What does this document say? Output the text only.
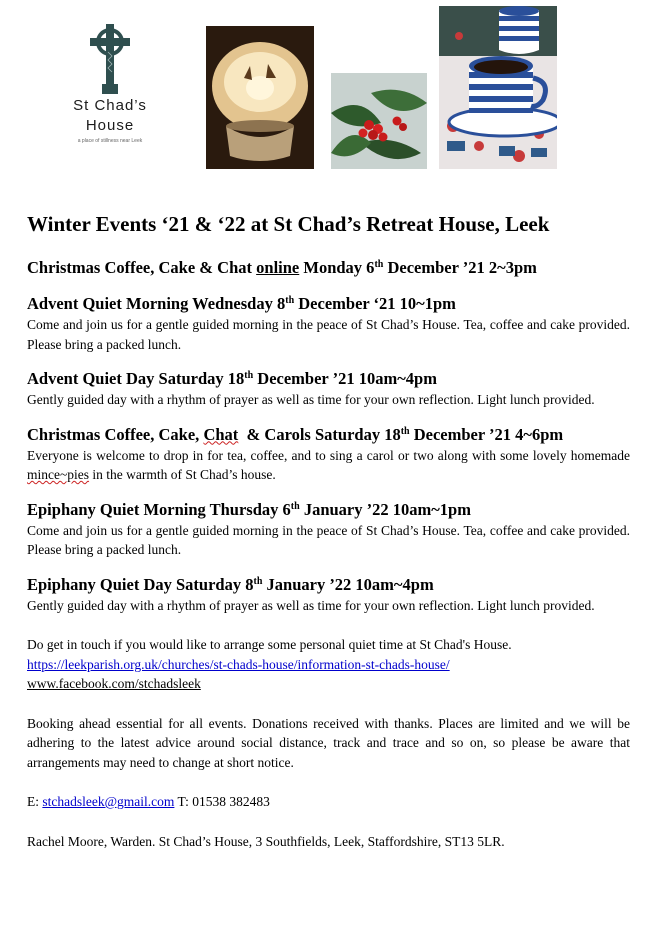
St Chad’s
House
a place of stillness near Leek
Winter Events ‘21 & ‘22 at St Chad’s Retreat House, Leek
Christmas Coffee, Cake & Chat online Monday 6th December ’21 2~3pm
Advent Quiet Morning Wednesday 8th December ‘21 10~1pm

Come and join us for a gentle guided morning in the peace of St Chad’s House. Tea, coffee and cake provided. Please bring a packed lunch.

Advent Quiet Day Saturday 18th December ’21 10am~4pm

Gently guided day with a rhythm of prayer as well as time for your own reflection. Light lunch provided.

Christmas Coffee, Cake, Chat  & Carols Saturday 18th December ’21 4~6pm

Everyone is welcome to drop in for tea, coffee, and to sing a carol or two along with some lovely homemade mince~pies in the warmth of St Chad’s house.

Epiphany Quiet Morning Thursday 6th January ’22 10am~1pm

Come and join us for a gentle guided morning in the peace of St Chad’s House. Tea, coffee and cake provided. Please bring a packed lunch.

Epiphany Quiet Day Saturday 8th January ’22 10am~4pm

Gently guided day with a rhythm of prayer as well as time for your own reflection. Light lunch provided.

Do get in touch if you would like to arrange some personal quiet time at St Chad's House.

https://leekparish.org.uk/churches/st-chads-house/information-st-chads-house/
www.facebook.com/stchadsleek

Booking ahead essential for all events. Donations received with thanks. Places are limited and we will be adhering to the latest advice around social distance, track and trace and so on, so please be aware that arrangements may need to change at short notice.

E: stchadsleek@gmail.com T: 01538 382483
Rachel Moore, Warden. St Chad’s House, 3 Southfields, Leek, Staffordshire, ST13 5LR.
